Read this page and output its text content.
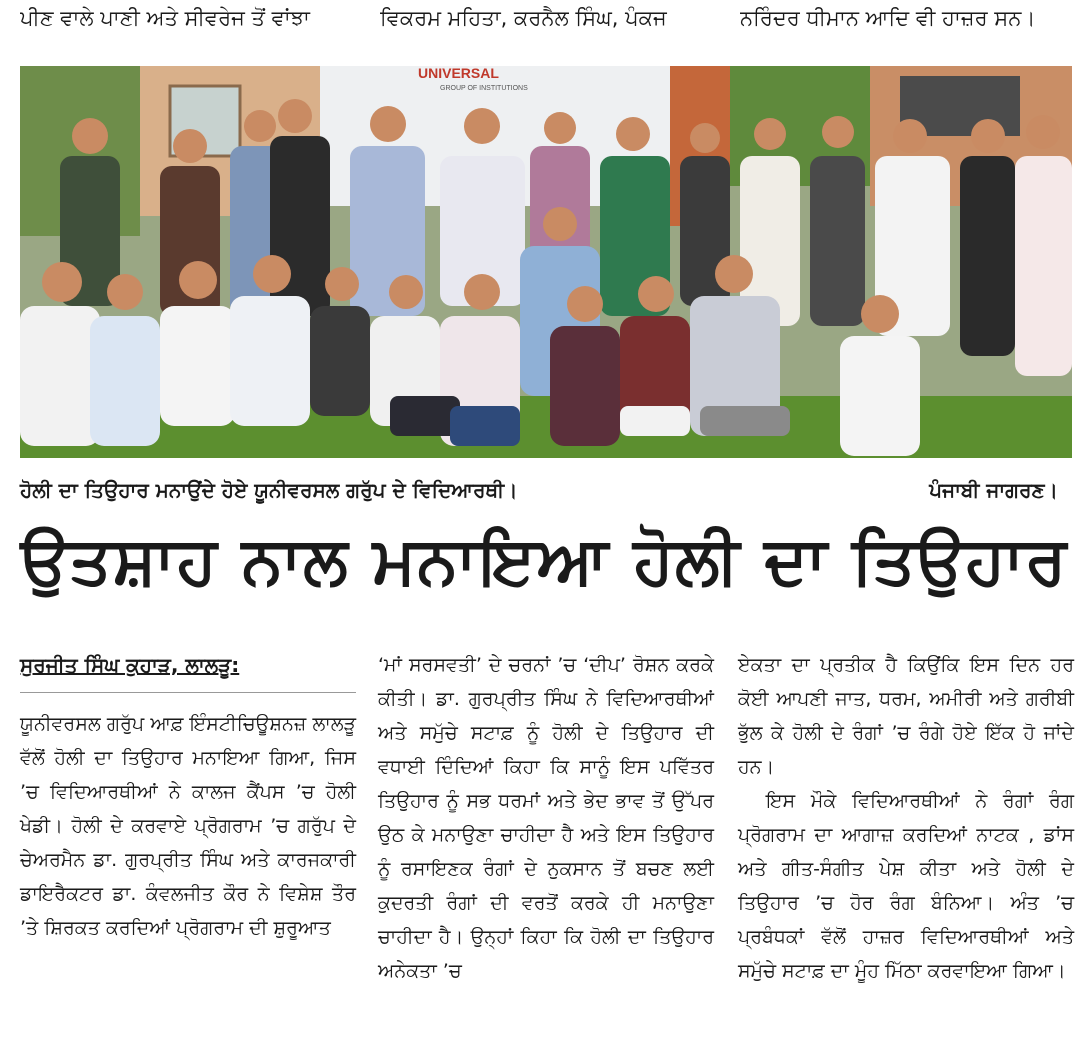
ਪੀਣ ਵਾਲੇ ਪਾਣੀ ਅਤੇ ਸੀਵਰੇਜ ਤੋਂ ਵਾਂਝਾ	ਵਿਕਰਮ ਮਹਿਤਾ, ਕਰਨੈਲ ਸਿੰਘ, ਪੰਕਜ	ਨਰਿੰਦਰ ਧੀਮਾਨ ਆਦਿ ਵੀ ਹਾਜ਼ਰ ਸਨ।
UNIVERSAL
GROUP OF INSTITUTIONS
ਹੋਲੀ ਦਾ ਤਿਉਹਾਰ ਮਨਾਉਂਦੇ ਹੋਏ ਯੂਨੀਵਰਸਲ ਗਰੁੱਪ ਦੇ ਵਿਦਿਆਰਥੀ।	ਪੰਜਾਬੀ ਜਾਗਰਣ।
ਉਤਸ਼ਾਹ ਨਾਲ ਮਨਾਇਆ ਹੋਲੀ ਦਾ ਤਿਉਹਾਰ
ਸੁਰਜੀਤ ਸਿੰਘ ਕੁਹਾੜ, ਲਾਲੜੂ:

ਯੂਨੀਵਰਸਲ ਗਰੁੱਪ ਆਫ਼ ਇੰਸਟੀਚਿਊਸ਼ਨਜ਼ ਲਾਲੜੂ ਵੱਲੋਂ ਹੋਲੀ ਦਾ ਤਿਉਹਾਰ ਮਨਾਇਆ ਗਿਆ, ਜਿਸ ’ਚ ਵਿਦਿਆਰਥੀਆਂ ਨੇ ਕਾਲਜ ਕੈਂਪਸ ’ਚ ਹੋਲੀ ਖੇਡੀ। ਹੋਲੀ ਦੇ ਕਰਵਾਏ ਪ੍ਰੋਗਰਾਮ ’ਚ ਗਰੁੱਪ ਦੇ ਚੇਅਰਮੈਨ ਡਾ. ਗੁਰਪ੍ਰੀਤ ਸਿੰਘ ਅਤੇ ਕਾਰਜਕਾਰੀ ਡਾਇਰੈਕਟਰ ਡਾ. ਕੰਵਲਜੀਤ ਕੌਰ ਨੇ ਵਿਸ਼ੇਸ਼ ਤੌਰ ’ਤੇ ਸ਼ਿਰਕਤ ਕਰਦਿਆਂ ਪ੍ਰੋਗਰਾਮ ਦੀ ਸ਼ੁਰੂਆਤ

‘ਮਾਂ ਸਰਸਵਤੀ’ ਦੇ ਚਰਨਾਂ ’ਚ ‘ਦੀਪ’ ਰੋਸ਼ਨ ਕਰਕੇ ਕੀਤੀ। ਡਾ. ਗੁਰਪ੍ਰੀਤ ਸਿੰਘ ਨੇ ਵਿਦਿਆਰਥੀਆਂ ਅਤੇ ਸਮੁੱਚੇ ਸਟਾਫ਼ ਨੂੰ ਹੋਲੀ ਦੇ ਤਿਉਹਾਰ ਦੀ ਵਧਾਈ ਦਿੰਦਿਆਂ ਕਿਹਾ ਕਿ ਸਾਨੂੰ ਇਸ ਪਵਿੱਤਰ ਤਿਉਹਾਰ ਨੂੰ ਸਭ ਧਰਮਾਂ ਅਤੇ ਭੇਦ ਭਾਵ ਤੋਂ ਉੱਪਰ ਉਠ ਕੇ ਮਨਾਉਣਾ ਚਾਹੀਦਾ ਹੈ ਅਤੇ ਇਸ ਤਿਉਹਾਰ ਨੂੰ ਰਸਾਇਣਕ ਰੰਗਾਂ ਦੇ ਨੁਕਸਾਨ ਤੋਂ ਬਚਣ ਲਈ ਕੁਦਰਤੀ ਰੰਗਾਂ ਦੀ ਵਰਤੋਂ ਕਰਕੇ ਹੀ ਮਨਾਉਣਾ ਚਾਹੀਦਾ ਹੈ। ਉਨ੍ਹਾਂ ਕਿਹਾ ਕਿ ਹੋਲੀ ਦਾ ਤਿਉਹਾਰ ਅਨੇਕਤਾ ’ਚ

ਏਕਤਾ ਦਾ ਪ੍ਰਤੀਕ ਹੈ ਕਿਉਂਕਿ ਇਸ ਦਿਨ ਹਰ ਕੋਈ ਆਪਣੀ ਜਾਤ, ਧਰਮ, ਅਮੀਰੀ ਅਤੇ ਗਰੀਬੀ ਭੁੱਲ ਕੇ ਹੋਲੀ ਦੇ ਰੰਗਾਂ ’ਚ ਰੰਗੇ ਹੋਏ ਇੱਕ ਹੋ ਜਾਂਦੇ ਹਨ।

ਇਸ ਮੌਕੇ ਵਿਦਿਆਰਥੀਆਂ ਨੇ ਰੰਗਾਂ ਰੰਗ ਪ੍ਰੋਗਰਾਮ ਦਾ ਆਗਾਜ਼ ਕਰਦਿਆਂ ਨਾਟਕ , ਡਾਂਸ ਅਤੇ ਗੀਤ-ਸੰਗੀਤ ਪੇਸ਼ ਕੀਤਾ ਅਤੇ ਹੋਲੀ ਦੇ ਤਿਉਹਾਰ ’ਚ ਹੋਰ ਰੰਗ ਬੰਨਿਆ। ਅੰਤ ’ਚ ਪ੍ਰਬੰਧਕਾਂ ਵੱਲੋਂ ਹਾਜ਼ਰ ਵਿਦਿਆਰਥੀਆਂ ਅਤੇ ਸਮੁੱਚੇ ਸਟਾਫ਼ ਦਾ ਮੂੰਹ ਮਿੱਠਾ ਕਰਵਾਇਆ ਗਿਆ।
